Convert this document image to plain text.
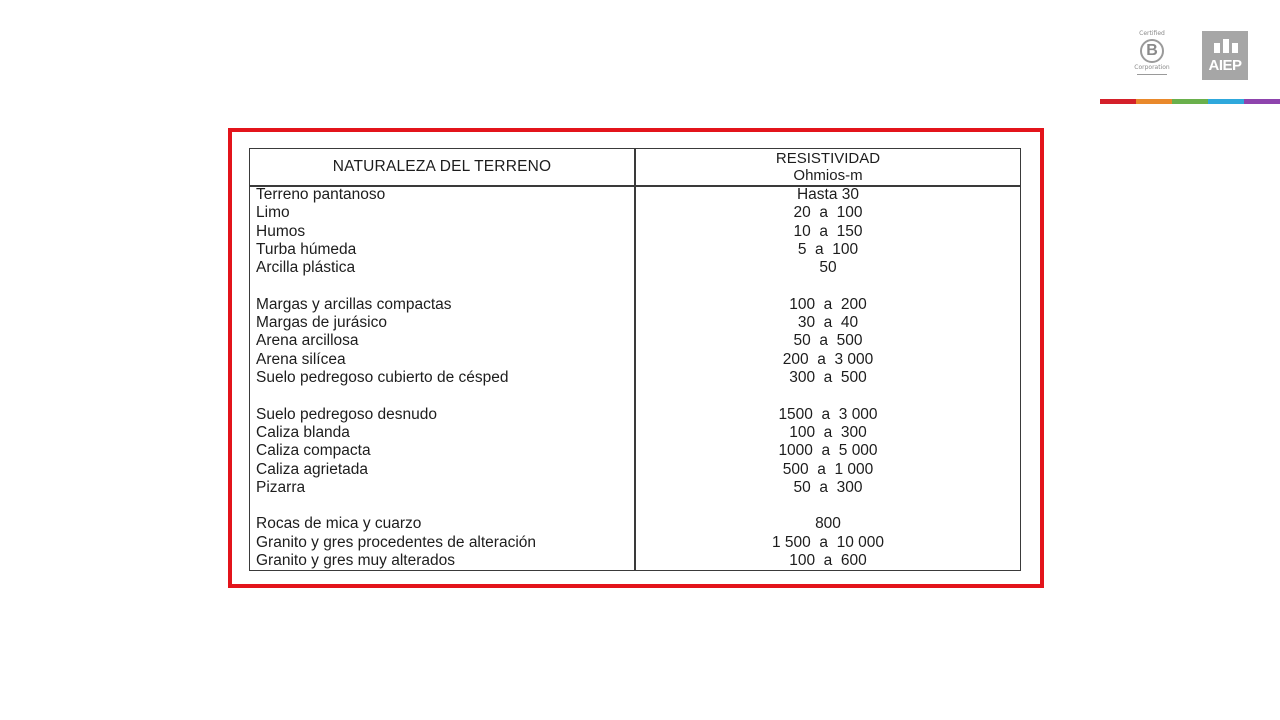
Certified
B
Corporation	AIEP
NATURALEZA DEL TERRENO	RESISTIVIDAD
Ohmios-m
Terreno pantanoso	Hasta 30
Limo	20  a  100
Humos	10  a  150
Turba húmeda	5  a  100
Arcilla plástica	50
Margas y arcillas compactas	100  a  200
Margas de jurásico	30  a  40
Arena arcillosa	50  a  500
Arena silícea	200  a  3 000
Suelo pedregoso cubierto de césped	300  a  500
Suelo pedregoso desnudo	1500  a  3 000
Caliza blanda	100  a  300
Caliza compacta	1000  a  5 000
Caliza agrietada	500  a  1 000
Pizarra	50  a  300
Rocas de mica y cuarzo	800
Granito y gres procedentes de alteración	1 500  a  10 000
Granito y gres muy alterados	100  a  600
